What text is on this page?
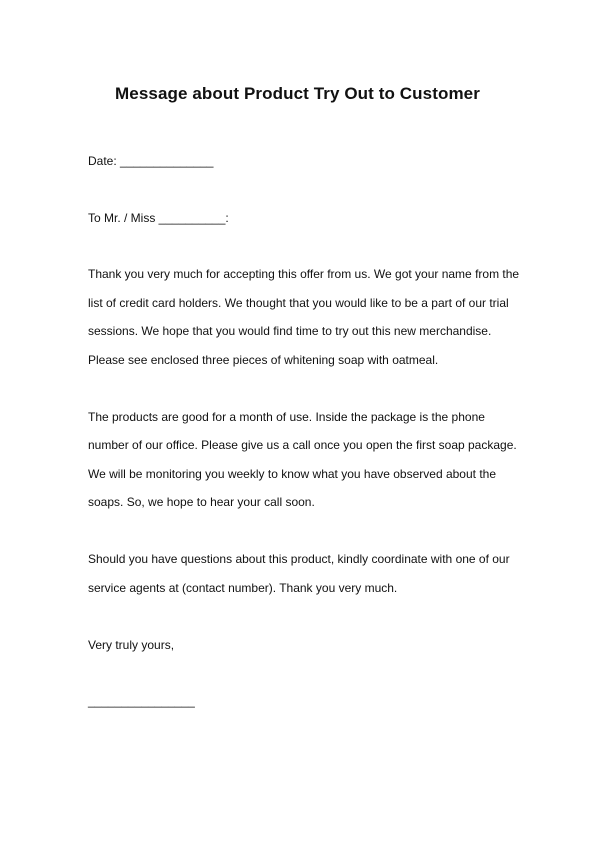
Message about Product Try Out to Customer
Date: ______________
To Mr. / Miss __________:
Thank you very much for accepting this offer from us. We got your name from the
list of credit card holders. We thought that you would like to be a part of our trial
sessions. We hope that you would find time to try out this new merchandise.
Please see enclosed three pieces of whitening soap with oatmeal.
The products are good for a month of use. Inside the package is the phone
number of our office. Please give us a call once you open the first soap package.
We will be monitoring you weekly to know what you have observed about the
soaps. So, we hope to hear your call soon.
Should you have questions about this product, kindly coordinate with one of our
service agents at (contact number). Thank you very much.
Very truly yours,
________________
